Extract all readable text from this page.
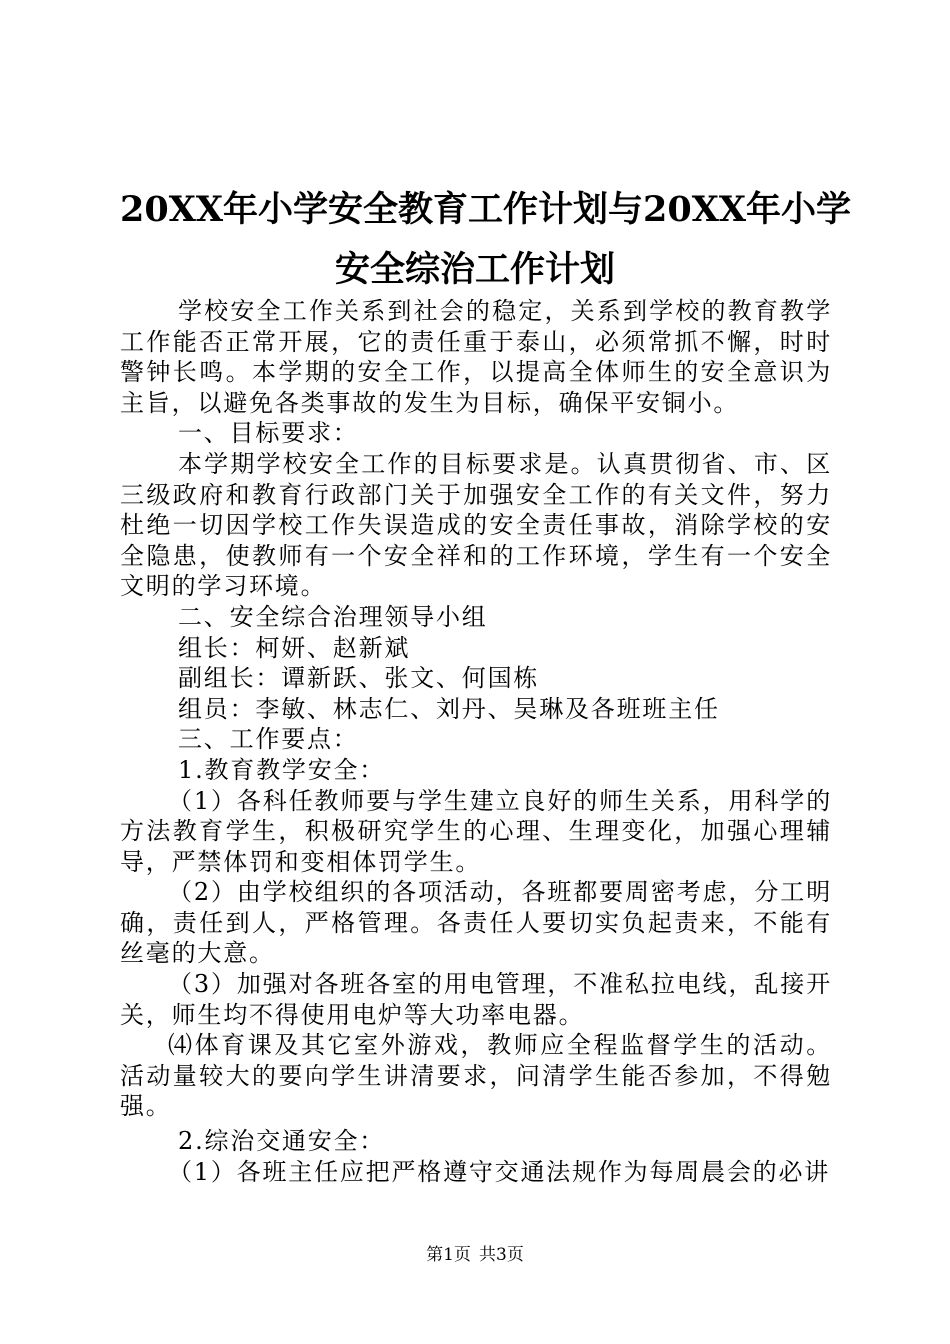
20XX年小学安全教育工作计划与20XX年小学
安全综治工作计划

学校安全工作关系到社会的稳定，关系到学校的教育教学工作能否正常开展，它的责任重于泰山，必须常抓不懈，时时警钟长鸣。本学期的安全工作，以提高全体师生的安全意识为主旨，以避免各类事故的发生为目标，确保平安铜小。

一、目标要求：

本学期学校安全工作的目标要求是。认真贯彻省、市、区三级政府和教育行政部门关于加强安全工作的有关文件，努力杜绝一切因学校工作失误造成的安全责任事故，消除学校的安全隐患，使教师有一个安全祥和的工作环境，学生有一个安全文明的学习环境。

二、安全综合治理领导小组

组长：柯妍、赵新斌

副组长：谭新跃、张文、何国栋

组员：李敏、林志仁、刘丹、吴琳及各班班主任

三、工作要点：

1.教育教学安全：

（1）各科任教师要与学生建立良好的师生关系，用科学的方法教育学生，积极研究学生的心理、生理变化，加强心理辅导，严禁体罚和变相体罚学生。

（2）由学校组织的各项活动，各班都要周密考虑，分工明确，责任到人，严格管理。各责任人要切实负起责来，不能有丝毫的大意。

（3）加强对各班各室的用电管理，不准私拉电线，乱接开关，师生均不得使用电炉等大功率电器。

⑷体育课及其它室外游戏，教师应全程监督学生的活动。活动量较大的要向学生讲清要求，问清学生能否参加，不得勉强。

2.综治交通安全：

（1）各班主任应把严格遵守交通法规作为每周晨会的必讲

第1页 共3页
